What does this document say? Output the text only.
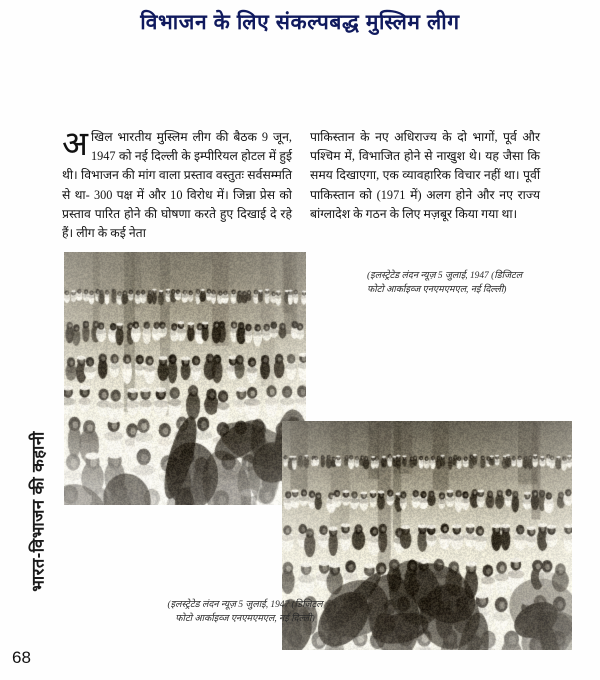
विभाजन के लिए संकल्पबद्ध मुस्लिम लीग
अखिल भारतीय मुस्लिम लीग की बैठक 9 जून, 1947 को नई दिल्ली के इम्पीरियल होटल में हुई थी। विभाजन की मांग वाला प्रस्ताव वस्तुतः सर्वसम्मति से था- 300 पक्ष में और 10 विरोध में। जिन्ना प्रेस को प्रस्ताव पारित होने की घोषणा करते हुए दिखाई दे रहे हैं। लीग के कई नेता
पाकिस्तान के नए अधिराज्य के दो भागों, पूर्व और पश्चिम में, विभाजित होने से नाखुश थे। यह जैसा कि समय दिखाएगा, एक व्यावहारिक विचार नहीं था। पूर्वी पाकिस्तान को (1971 में) अलग होने और नए राज्य बांग्लादेश के गठन के लिए मज़बूर किया गया था।
(इलस्ट्रेटेड लंदन न्यूज़ 5 जुलाई, 1947 (डिजिटल फोटो आर्काइव्ज एनएमएमएल, नई दिल्ली)
(इलस्ट्रेटेड लंदन न्यूज़ 5 जुलाई, 1947 (डिजिटल फोटो आर्काइव्ज एनएमएमएल, नई दिल्ली)
भारत-विभाजन की कहानी
68
